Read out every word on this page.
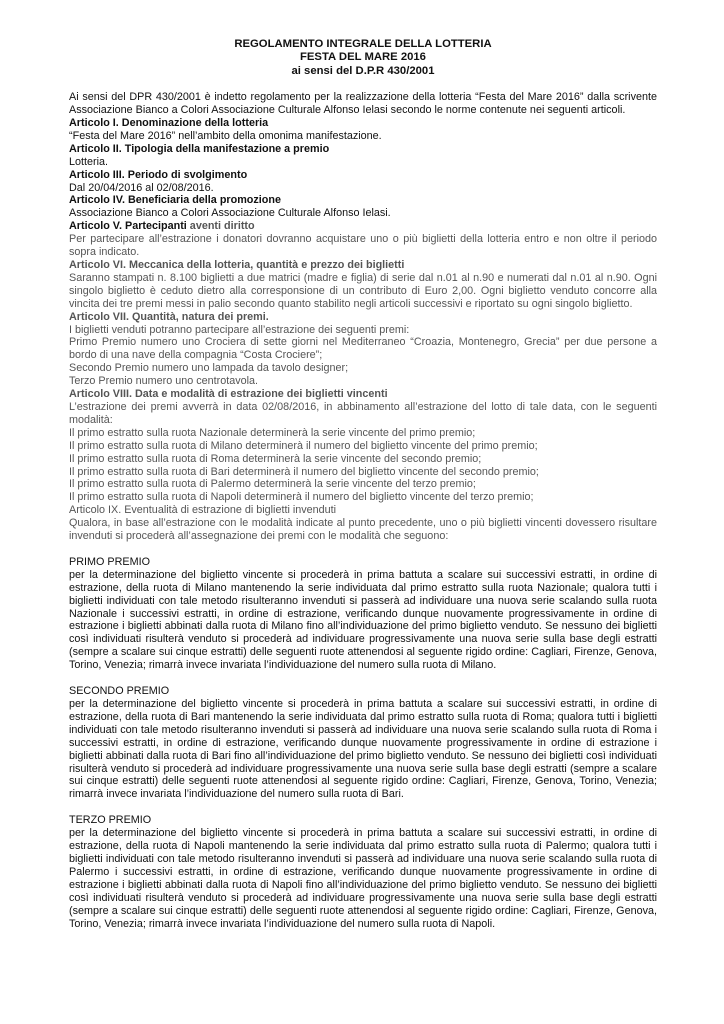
REGOLAMENTO INTEGRALE DELLA LOTTERIA
FESTA DEL MARE 2016
ai sensi del D.P.R 430/2001

Ai sensi del DPR 430/2001 è indetto regolamento per la realizzazione della lotteria “Festa del Mare 2016” dalla scrivente Associazione Bianco a Colori Associazione Culturale Alfonso Ielasi secondo le norme contenute nei seguenti articoli.

Articolo I. Denominazione della lotteria

“Festa del Mare 2016” nell’ambito della omonima manifestazione.

Articolo II. Tipologia della manifestazione a premio

Lotteria.

Articolo III. Periodo di svolgimento

Dal 20/04/2016 al 02/08/2016.

Articolo IV. Beneficiaria della promozione

Associazione Bianco a Colori Associazione Culturale Alfonso Ielasi.

Articolo V. Partecipanti aventi diritto

Per partecipare all’estrazione i donatori dovranno acquistare uno o più biglietti della lotteria entro e non oltre il periodo sopra indicato.

Articolo VI. Meccanica della lotteria, quantità e prezzo dei biglietti

Saranno stampati n. 8.100 biglietti a due matrici (madre e figlia) di serie dal n.01 al n.90 e numerati dal n.01 al n.90. Ogni singolo biglietto è ceduto dietro alla corresponsione di un contributo di Euro 2,00. Ogni biglietto venduto concorre alla vincita dei tre premi messi in palio secondo quanto stabilito negli articoli successivi e riportato su ogni singolo biglietto.

Articolo VII. Quantità, natura dei premi.

I biglietti venduti potranno partecipare all’estrazione dei seguenti premi:

Primo Premio numero uno Crociera di sette giorni nel Mediterraneo “Croazia, Montenegro, Grecia” per due persone a bordo di una nave della compagnia “Costa Crociere”;

Secondo Premio numero uno lampada da tavolo designer;

Terzo Premio numero uno centrotavola.

Articolo VIII. Data e modalità di estrazione dei biglietti vincenti

L’estrazione dei premi avverrà in data 02/08/2016, in abbinamento all’estrazione del lotto di tale data, con le seguenti modalità:

Il primo estratto sulla ruota Nazionale determinerà la serie vincente del primo premio;

Il primo estratto sulla ruota di Milano determinerà il numero del biglietto vincente del primo premio;

Il primo estratto sulla ruota di Roma determinerà la serie vincente del secondo premio;

Il primo estratto sulla ruota di Bari determinerà il numero del biglietto vincente del secondo premio;

Il primo estratto sulla ruota di Palermo determinerà la serie vincente del terzo premio;

Il primo estratto sulla ruota di Napoli determinerà il numero del biglietto vincente del terzo premio;

Articolo IX. Eventualità di estrazione di biglietti invenduti

Qualora, in base all’estrazione con le modalità indicate al punto precedente, uno o più biglietti vincenti dovessero risultare invenduti si procederà all’assegnazione dei premi con le modalità che seguono:

PRIMO PREMIO

per la determinazione del biglietto vincente si procederà in prima battuta a scalare sui successivi estratti, in ordine di estrazione, della ruota di Milano mantenendo la serie individuata dal primo estratto sulla ruota Nazionale; qualora tutti i biglietti individuati con tale metodo risulteranno invenduti si passerà ad individuare una nuova serie scalando sulla ruota Nazionale i successivi estratti, in ordine di estrazione, verificando dunque nuovamente progressivamente in ordine di estrazione i biglietti abbinati dalla ruota di Milano fino all’individuazione del primo biglietto venduto. Se nessuno dei biglietti così individuati risulterà venduto si procederà ad individuare progressivamente una nuova serie sulla base degli estratti (sempre a scalare sui cinque estratti) delle seguenti ruote attenendosi al seguente rigido ordine: Cagliari, Firenze, Genova, Torino, Venezia; rimarrà invece invariata l’individuazione del numero sulla ruota di Milano.

SECONDO PREMIO

per la determinazione del biglietto vincente si procederà in prima battuta a scalare sui successivi estratti, in ordine di estrazione, della ruota di Bari mantenendo la serie individuata dal primo estratto sulla ruota di Roma; qualora tutti i biglietti individuati con tale metodo risulteranno invenduti si passerà ad individuare una nuova serie scalando sulla ruota di Roma i successivi estratti, in ordine di estrazione, verificando dunque nuovamente progressivamente in ordine di estrazione i biglietti abbinati dalla ruota di Bari fino all’individuazione del primo biglietto venduto. Se nessuno dei biglietti così individuati risulterà venduto si procederà ad individuare progressivamente una nuova serie sulla base degli estratti (sempre a scalare sui cinque estratti) delle seguenti ruote attenendosi al seguente rigido ordine: Cagliari, Firenze, Genova, Torino, Venezia; rimarrà invece invariata l’individuazione del numero sulla ruota di Bari.

TERZO PREMIO

per la determinazione del biglietto vincente si procederà in prima battuta a scalare sui successivi estratti, in ordine di estrazione, della ruota di Napoli mantenendo la serie individuata dal primo estratto sulla ruota di Palermo; qualora tutti i biglietti individuati con tale metodo risulteranno invenduti si passerà ad individuare una nuova serie scalando sulla ruota di Palermo i successivi estratti, in ordine di estrazione, verificando dunque nuovamente progressivamente in ordine di estrazione i biglietti abbinati dalla ruota di Napoli fino all’individuazione del primo biglietto venduto. Se nessuno dei biglietti così individuati risulterà venduto si procederà ad individuare progressivamente una nuova serie sulla base degli estratti (sempre a scalare sui cinque estratti) delle seguenti ruote attenendosi al seguente rigido ordine: Cagliari, Firenze, Genova, Torino, Venezia; rimarrà invece invariata l’individuazione del numero sulla ruota di Napoli.
